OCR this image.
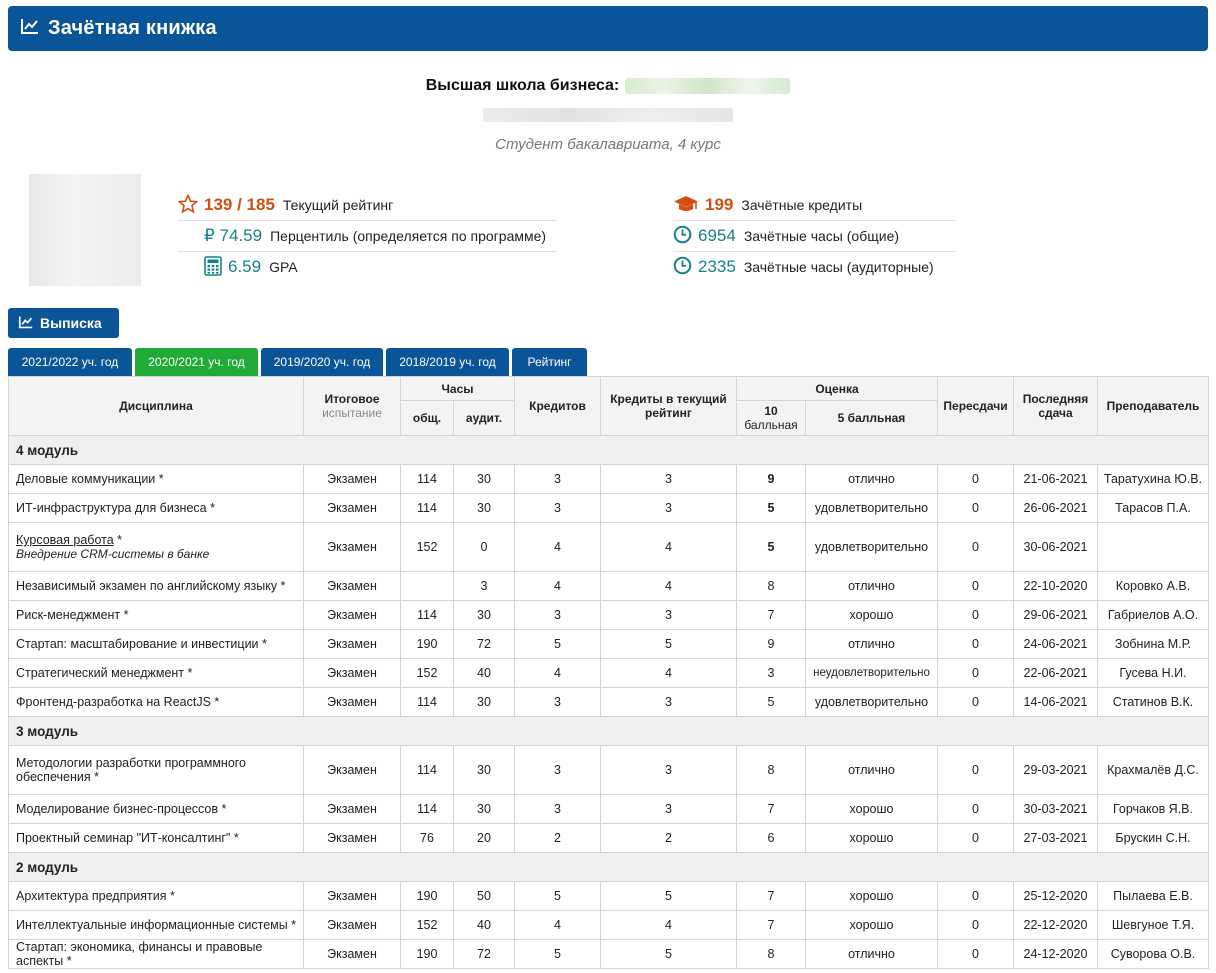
Зачётная книжка
Высшая школа бизнеса:
Студент бакалавриата, 4 курс
139 / 185 Текущий рейтинг
₽ 74.59 Перцентиль (определяется по программе)
6.59 GPA
199 Зачётные кредиты
6954 Зачётные часы (общие)
2335 Зачётные часы (аудиторные)
Выписка
2021/2022 уч. год	2020/2021 уч. год	2019/2020 уч. год	2018/2019 уч. год	Рейтинг
Дисциплина	Итоговое
испытание	Часы		Кредитов	Кредиты в текущий рейтинг	Оценка		Пересдачи	Последняя сдача	Преподаватель
		общ.	аудит.			10
балльная	5 балльная			
4 модуль										
Деловые коммуникации *	Экзамен	114	30	3	3	9	отлично	0	21-06-2021	Таратухина Ю.В.
ИТ-инфраструктура для бизнеса *	Экзамен	114	30	3	3	5	удовлетворительно	0	26-06-2021	Тарасов П.А.
Курсовая работа *
Внедрение CRM-системы в банке	Экзамен	152	0	4	4	5	удовлетворительно	0	30-06-2021	
Независимый экзамен по английскому языку *	Экзамен		3	4	4	8	отлично	0	22-10-2020	Коровко А.В.
Риск-менеджмент *	Экзамен	114	30	3	3	7	хорошо	0	29-06-2021	Габриелов А.О.
Стартап: масштабирование и инвестиции *	Экзамен	190	72	5	5	9	отлично	0	24-06-2021	Зобнина М.Р.
Стратегический менеджмент *	Экзамен	152	40	4	4	3	неудовлетворительно	0	22-06-2021	Гусева Н.И.
Фронтенд-разработка на ReactJS *	Экзамен	114	30	3	3	5	удовлетворительно	0	14-06-2021	Статинов В.К.
3 модуль										
Методологии разработки программного обеспечения *	Экзамен	114	30	3	3	8	отлично	0	29-03-2021	Крахмалёв Д.С.
Моделирование бизнес-процессов *	Экзамен	114	30	3	3	7	хорошо	0	30-03-2021	Горчаков Я.В.
Проектный семинар "ИТ-консалтинг" *	Экзамен	76	20	2	2	6	хорошо	0	27-03-2021	Брускин С.Н.
2 модуль										
Архитектура предприятия *	Экзамен	190	50	5	5	7	хорошо	0	25-12-2020	Пылаева Е.В.
Интеллектуальные информационные системы *	Экзамен	152	40	4	4	7	хорошо	0	22-12-2020	Шевгуное Т.Я.
Стартап: экономика, финансы и правовые аспекты *	Экзамен	190	72	5	5	8	отлично	0	24-12-2020	Суворова О.В.
